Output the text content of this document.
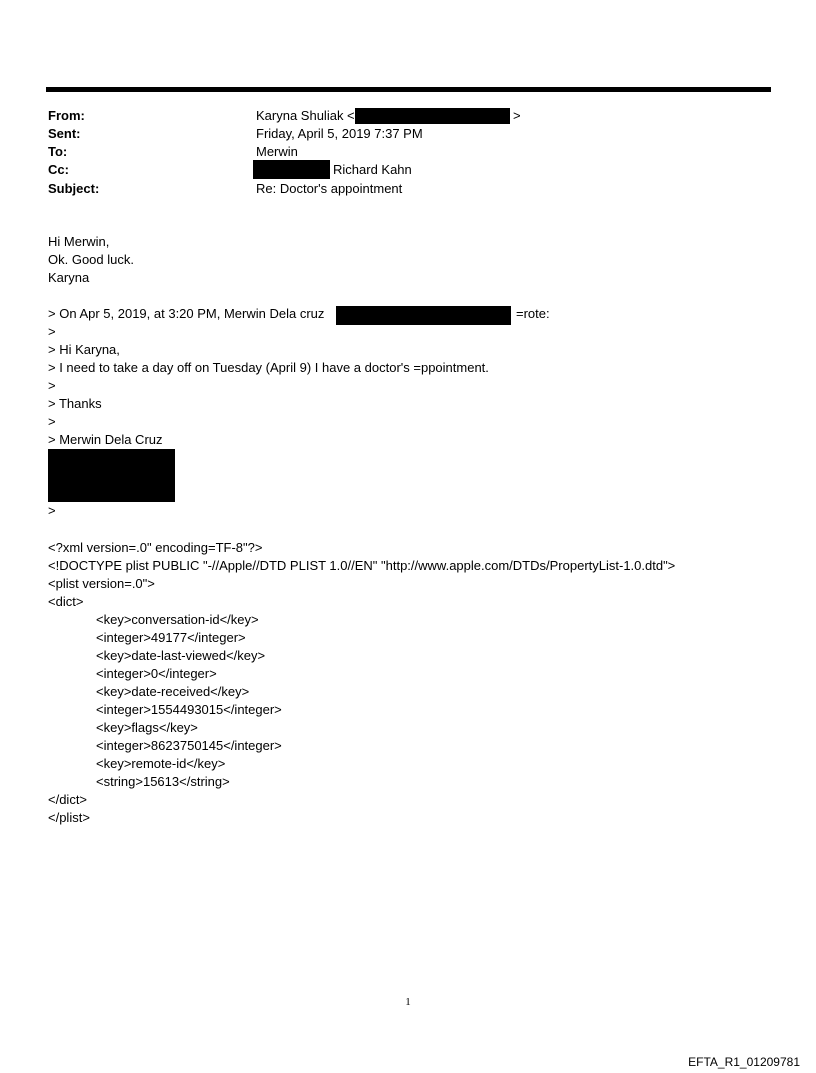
From:	Karyna Shuliak <	>
Sent:	Friday, April 5, 2019 7:37 PM
To:	Merwin
Cc:	Richard Kahn
Subject:	Re: Doctor's appointment
Hi Merwin,
Ok. Good luck.
Karyna
> On Apr 5, 2019, at 3:20 PM, Merwin Dela cruz	=rote:
>
> Hi Karyna,
> I need to take a day off on Tuesday (April 9) I have a doctor's =ppointment.
>
> Thanks
>
> Merwin Dela Cruz
>
<?xml version=.0" encoding=TF-8"?>
<!DOCTYPE plist PUBLIC "-//Apple//DTD PLIST 1.0//EN" "http://www.apple.com/DTDs/PropertyList-1.0.dtd">
<plist version=.0">
<dict>
<key>conversation-id</key>
<integer>49177</integer>
<key>date-last-viewed</key>
<integer>0</integer>
<key>date-received</key>
<integer>1554493015</integer>
<key>flags</key>
<integer>8623750145</integer>
<key>remote-id</key>
<string>15613</string>
</dict>
</plist>
1
EFTA_R1_01209781
